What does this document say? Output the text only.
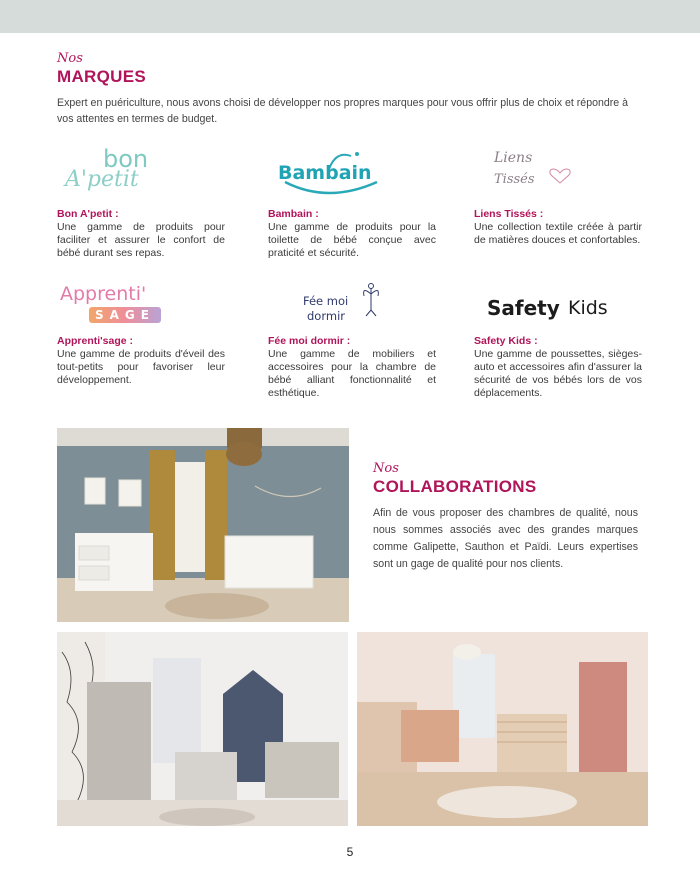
Nos
MARQUES

Expert en puériculture, nous avons choisi de développer nos propres marques pour vous offrir plus de choix et répondre à vos attentes en termes de budget.

bon
A'petit
Bon A'petit :
Une gamme de produits pour faciliter et assurer le confort de bébé durant ses repas.
Bambain
Bambain :
Une gamme de produits pour la toilette de bébé conçue avec praticité et sécurité.
Liens
Tissés
Liens Tissés :
Une collection textile créée à partir de matières douces et confortables.
Apprenti'
SAGE
Apprenti'sage :
Une gamme de produits d'éveil des tout-petits pour favoriser leur développement.
Fée moi
dormir
Fée moi dormir :
Une gamme de mobiliers et accessoires pour la chambre de bébé alliant fonctionnalité et esthétique.
Safety Kids
Safety Kids :
Une gamme de poussettes, sièges-auto et accessoires afin d'assurer la sécurité de vos bébés lors de vos déplacements.
Nos
COLLABORATIONS

Afin de vous proposer des chambres de qualité, nous nous sommes associés avec des grandes marques comme Galipette, Sauthon et Païdi. Leurs expertises sont un gage de qualité pour nos clients.

5
